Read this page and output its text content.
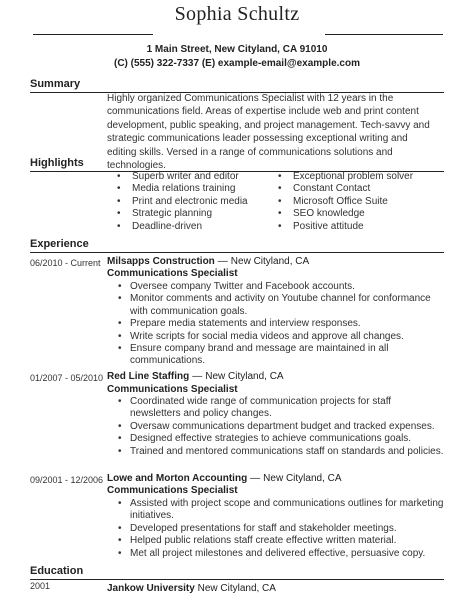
Sophia Schultz
1 Main Street, New Cityland, CA 91010
(C) (555) 322-7337 (E) example-email@example.com
Summary

Highly organized Communications Specialist with 12 years in the communications field. Areas of expertise include web and print content development, public speaking, and project management. Tech-savvy and strategic communications leader possessing exceptional writing and editing skills. Versed in a range of communications solutions and technologies.

Highlights
• Superb writer and editor
• Media relations training
• Print and electronic media
• Strategic planning
• Deadline-driven
• Exceptional problem solver
• Constant Contact
• Microsoft Office Suite
• SEO knowledge
• Positive attitude
Experience
06/2010 - Current Milsapps Construction — New Cityland, CA
Communications Specialist
• Oversee company Twitter and Facebook accounts.
• Monitor comments and activity on Youtube channel for conformance with communication goals.
• Prepare media statements and interview responses.
• Write scripts for social media videos and approve all changes.
• Ensure company brand and message are maintained in all communications.
01/2007 - 05/2010 Red Line Staffing — New Cityland, CA
Communications Specialist
• Coordinated wide range of communication projects for staff newsletters and policy changes.
• Oversaw communications department budget and tracked expenses.
• Designed effective strategies to achieve communications goals.
• Trained and mentored communications staff on standards and policies.
09/2001 - 12/2006 Lowe and Morton Accounting — New Cityland, CA
Communications Specialist
• Assisted with project scope and communications outlines for marketing initiatives.
• Developed presentations for staff and stakeholder meetings.
• Helped public relations staff create effective written material.
• Met all project milestones and delivered effective, persuasive copy.
Education
2001	Jankow University New Cityland, CA
